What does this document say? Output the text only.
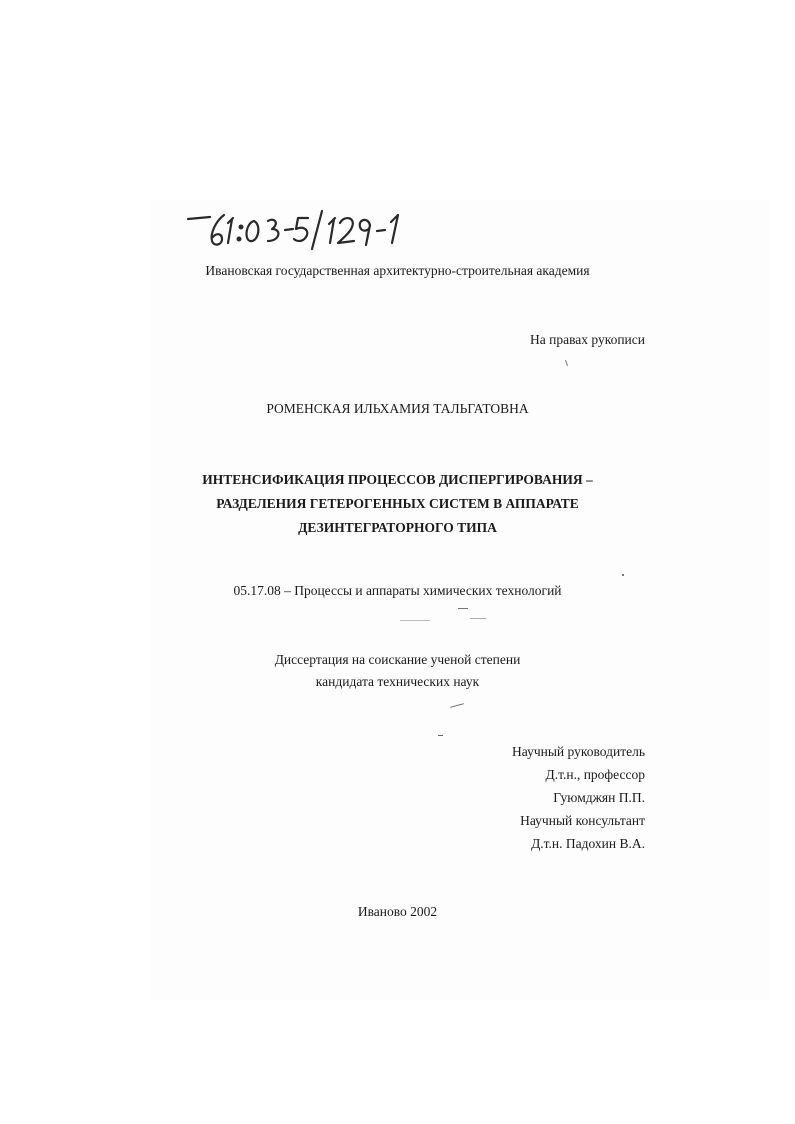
Ивановская государственная архитектурно-строительная академия
На правах рукописи
РОМЕНСКАЯ ИЛЬХАМИЯ ТАЛЬГАТОВНА
ИНТЕНСИФИКАЦИЯ ПРОЦЕССОВ ДИСПЕРГИРОВАНИЯ –
РАЗДЕЛЕНИЯ ГЕТЕРОГЕННЫХ СИСТЕМ В АППАРАТЕ
ДЕЗИНТЕГРАТОРНОГО ТИПА
05.17.08 – Процессы и аппараты химических технологий
Диссертация на соискание ученой степени
кандидата технических наук
Научный руководитель
Д.т.н., профессор
Гуюмджян П.П.
Научный консультант
Д.т.н. Падохин В.А.
Иваново 2002
